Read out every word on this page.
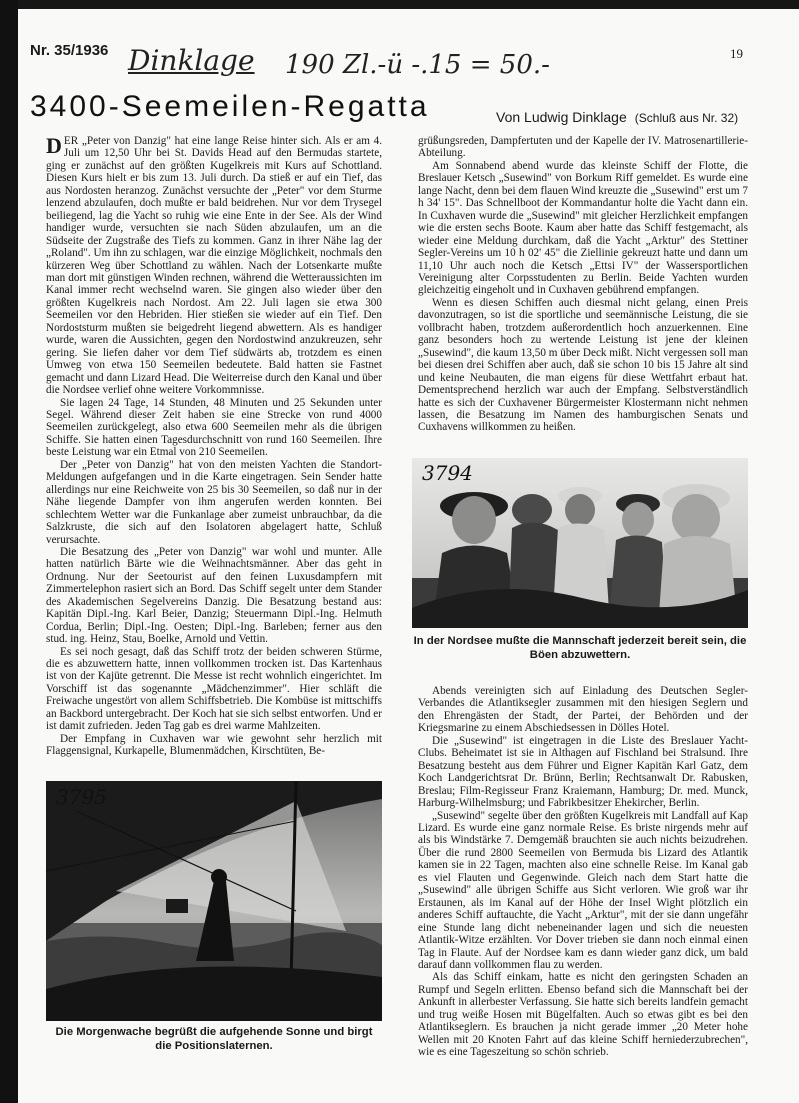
Nr. 35/1936 Dinklage 190 Zl.-ü -.15 = 50.-	19
3400-Seemeilen-Regatta	Von Ludwig Dinklage (Schluß aus Nr. 32)

DER „Peter von Danzig" hat eine lange Reise hinter sich. Als er am 4. Juli um 12,50 Uhr bei St. Davids Head auf den Bermudas startete, ging er zunächst auf den größten Kugelkreis mit Kurs auf Schottland. Diesen Kurs hielt er bis zum 13. Juli durch. Da stieß er auf ein Tief, das aus Nordosten heranzog. Zunächst versuchte der „Peter" vor dem Sturme lenzend abzulaufen, doch mußte er bald beidrehen. Nur vor dem Trysegel beiliegend, lag die Yacht so ruhig wie eine Ente in der See. Als der Wind handiger wurde, versuchten sie nach Süden abzulaufen, um an die Südseite der Zugstraße des Tiefs zu kommen. Ganz in ihrer Nähe lag der „Roland". Um ihn zu schlagen, war die einzige Möglichkeit, nochmals den kürzeren Weg über Schottland zu wählen. Nach der Lotsenkarte mußte man dort mit günstigen Winden rechnen, während die Wetteraussichten im Kanal immer recht wechselnd waren. Sie gingen also wieder über den größten Kugelkreis nach Nordost. Am 22. Juli lagen sie etwa 300 Seemeilen vor den Hebriden. Hier stießen sie wieder auf ein Tief. Den Nordoststurm mußten sie beigedreht liegend abwettern. Als es handiger wurde, waren die Aussichten, gegen den Nordostwind anzukreuzen, sehr gering. Sie liefen daher vor dem Tief südwärts ab, trotzdem es einen Umweg von etwa 150 Seemeilen bedeutete. Bald hatten sie Fastnet gemacht und dann Lizard Head. Die Weiterreise durch den Kanal und über die Nordsee verlief ohne weitere Vorkommnisse.

Sie lagen 24 Tage, 14 Stunden, 48 Minuten und 25 Sekunden unter Segel. Während dieser Zeit haben sie eine Strecke von rund 4000 Seemeilen zurückgelegt, also etwa 600 Seemeilen mehr als die übrigen Schiffe. Sie hatten einen Tagesdurchschnitt von rund 160 Seemeilen. Ihre beste Leistung war ein Etmal von 210 Seemeilen.

Der „Peter von Danzig" hat von den meisten Yachten die Standort-Meldungen aufgefangen und in die Karte eingetragen. Sein Sender hatte allerdings nur eine Reichweite von 25 bis 30 Seemeilen, so daß nur in der Nähe liegende Dampfer von ihm angerufen werden konnten. Bei schlechtem Wetter war die Funkanlage aber zumeist unbrauchbar, da die Salzkruste, die sich auf den Isolatoren abgelagert hatte, Schluß verursachte.

Die Besatzung des „Peter von Danzig" war wohl und munter. Alle hatten natürlich Bärte wie die Weihnachtsmänner. Aber das geht in Ordnung. Nur der Seetourist auf den feinen Luxusdampfern mit Zimmertelephon rasiert sich an Bord. Das Schiff segelt unter dem Stander des Akademischen Segelvereins Danzig. Die Besatzung bestand aus: Kapitän Dipl.-Ing. Karl Beier, Danzig; Steuermann Dipl.-Ing. Helmuth Cordua, Berlin; Dipl.-Ing. Oesten; Dipl.-Ing. Barleben; ferner aus den stud. ing. Heinz, Stau, Boelke, Arnold und Vettin.

Es sei noch gesagt, daß das Schiff trotz der beiden schweren Stürme, die es abzuwettern hatte, innen vollkommen trocken ist. Das Kartenhaus ist von der Kajüte getrennt. Die Messe ist recht wohnlich eingerichtet. Im Vorschiff ist das sogenannte „Mädchenzimmer". Hier schläft die Freiwache ungestört von allem Schiffsbetrieb. Die Kombüse ist mittschiffs an Backbord untergebracht. Der Koch hat sie sich selbst entworfen. Und er ist damit zufrieden. Jeden Tag gab es drei warme Mahlzeiten.

Der Empfang in Cuxhaven war wie gewohnt sehr herzlich mit Flaggensignal, Kurkapelle, Blumenmädchen, Kirschtüten, Be-

grüßungsreden, Dampfertuten und der Kapelle der IV. Matrosenartillerie-Abteilung.

Am Sonnabend abend wurde das kleinste Schiff der Flotte, die Breslauer Ketsch „Susewind" von Borkum Riff gemeldet. Es wurde eine lange Nacht, denn bei dem flauen Wind kreuzte die „Susewind" erst um 7 h 34' 15". Das Schnellboot der Kommandantur holte die Yacht dann ein. In Cuxhaven wurde die „Susewind" mit gleicher Herzlichkeit empfangen wie die ersten sechs Boote. Kaum aber hatte das Schiff festgemacht, als wieder eine Meldung durchkam, daß die Yacht „Arktur" des Stettiner Segler-Vereins um 10 h 02' 45" die Ziellinie gekreuzt hatte und dann um 11,10 Uhr auch noch die Ketsch „Ettsi IV" der Wassersportlichen Vereinigung alter Corpsstudenten zu Berlin. Beide Yachten wurden gleichzeitig eingeholt und in Cuxhaven gebührend empfangen.

Wenn es diesen Schiffen auch diesmal nicht gelang, einen Preis davonzutragen, so ist die sportliche und seemännische Leistung, die sie vollbracht haben, trotzdem außerordentlich hoch anzuerkennen. Eine ganz besonders hoch zu wertende Leistung ist jene der kleinen „Susewind", die kaum 13,50 m über Deck mißt. Nicht vergessen soll man bei diesen drei Schiffen aber auch, daß sie schon 10 bis 15 Jahre alt sind und keine Neubauten, die man eigens für diese Wettfahrt erbaut hat. Dementsprechend herzlich war auch der Empfang. Selbstverständlich hatte es sich der Cuxhavener Bürgermeister Klostermann nicht nehmen lassen, die Besatzung im Namen des hamburgischen Senats und Cuxhavens willkommen zu heißen.

3794
In der Nordsee mußte die Mannschaft jederzeit bereit sein, die Böen abzuwettern.

Abends vereinigten sich auf Einladung des Deutschen Segler-Verbandes die Atlantiksegler zusammen mit den hiesigen Seglern und den Ehrengästen der Stadt, der Partei, der Behörden und der Kriegsmarine zu einem Abschiedsessen in Dölles Hotel.

Die „Susewind" ist eingetragen in die Liste des Breslauer Yacht-Clubs. Beheimatet ist sie in Althagen auf Fischland bei Stralsund. Ihre Besatzung besteht aus dem Führer und Eigner Kapitän Karl Gatz, dem Koch Landgerichtsrat Dr. Brünn, Berlin; Rechtsanwalt Dr. Rabusken, Breslau; Film-Regisseur Franz Kraiemann, Hamburg; Dr. med. Munck, Harburg-Wilhelmsburg; und Fabrikbesitzer Ehekircher, Berlin.

„Susewind" segelte über den größten Kugelkreis mit Landfall auf Kap Lizard. Es wurde eine ganz normale Reise. Es briste nirgends mehr auf als bis Windstärke 7. Demgemäß brauchten sie auch nichts beizudrehen. Über die rund 2800 Seemeilen von Bermuda bis Lizard des Atlantik kamen sie in 22 Tagen, machten also eine schnelle Reise. Im Kanal gab es viel Flauten und Gegenwinde. Gleich nach dem Start hatte die „Susewind" alle übrigen Schiffe aus Sicht verloren. Wie groß war ihr Erstaunen, als im Kanal auf der Höhe der Insel Wight plötzlich ein anderes Schiff auftauchte, die Yacht „Arktur", mit der sie dann ungefähr eine Stunde lang dicht nebeneinander lagen und sich die neuesten Atlantik-Witze erzählten. Vor Dover trieben sie dann noch einmal einen Tag in Flaute. Auf der Nordsee kam es dann wieder ganz dick, um bald darauf dann vollkommen flau zu werden.

Als das Schiff einkam, hatte es nicht den geringsten Schaden an Rumpf und Segeln erlitten. Ebenso befand sich die Mannschaft bei der Ankunft in allerbester Verfassung. Sie hatte sich bereits landfein gemacht und trug weiße Hosen mit Bügelfalten. Auch so etwas gibt es bei den Atlantikseglern. Es brauchen ja nicht gerade immer „20 Meter hohe Wellen mit 20 Knoten Fahrt auf das kleine Schiff herniederzubrechen", wie es eine Tageszeitung so schön schrieb.

3795
Die Morgenwache begrüßt die aufgehende Sonne und birgt die Positionslaternen.
